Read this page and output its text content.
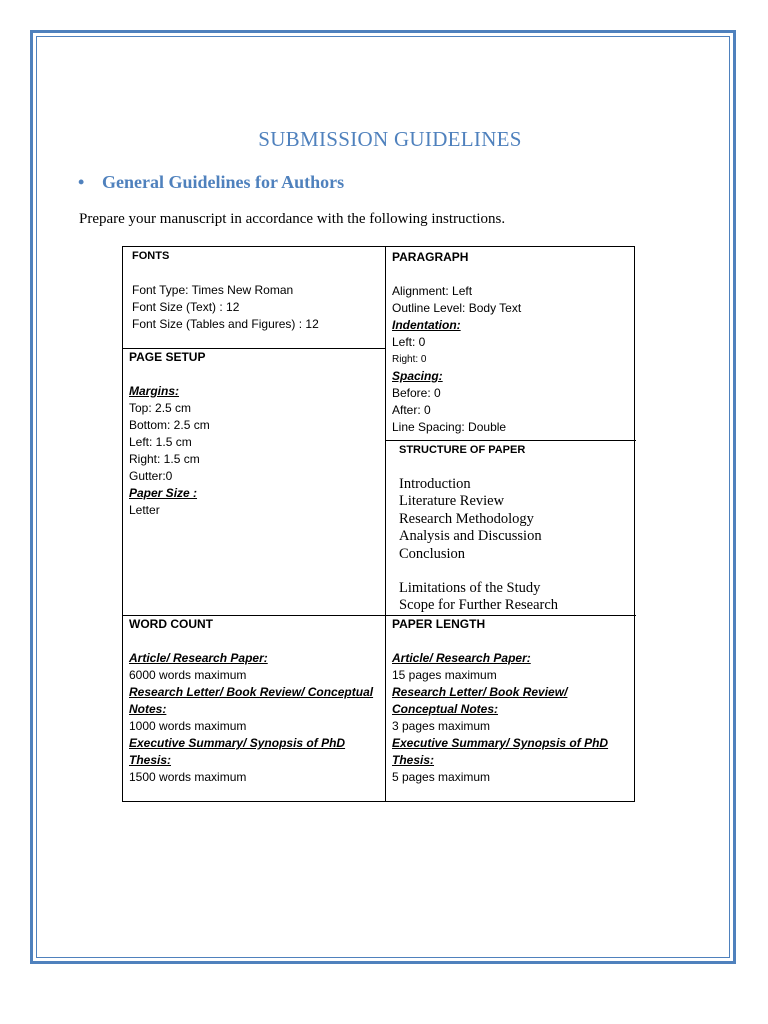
SUBMISSION GUIDELINES
• General Guidelines for Authors
Prepare your manuscript in accordance with the following instructions.
FONTS
Font Type: Times New Roman
Font Size (Text) : 12
Font Size (Tables and Figures) : 12
PAGE SETUP
Margins:
Top: 2.5 cm
Bottom: 2.5 cm
Left: 1.5 cm
Right: 1.5 cm
Gutter:0
Paper Size :
Letter
PARAGRAPH
Alignment: Left
Outline Level: Body Text
Indentation:
Left: 0
Right: 0
Spacing:
Before: 0
After: 0
Line Spacing: Double
STRUCTURE OF PAPER
Introduction
Literature Review
Research Methodology
Analysis and Discussion
Conclusion
Limitations of the Study
Scope for Further Research
WORD COUNT
Article/ Research Paper:
6000 words maximum
Research Letter/ Book Review/ Conceptual
Notes:
1000 words maximum
Executive Summary/ Synopsis of PhD
Thesis:
1500 words maximum
PAPER LENGTH
Article/ Research Paper:
15 pages maximum
Research Letter/ Book Review/
Conceptual Notes:
3 pages maximum
Executive Summary/ Synopsis of PhD
Thesis:
5 pages maximum
